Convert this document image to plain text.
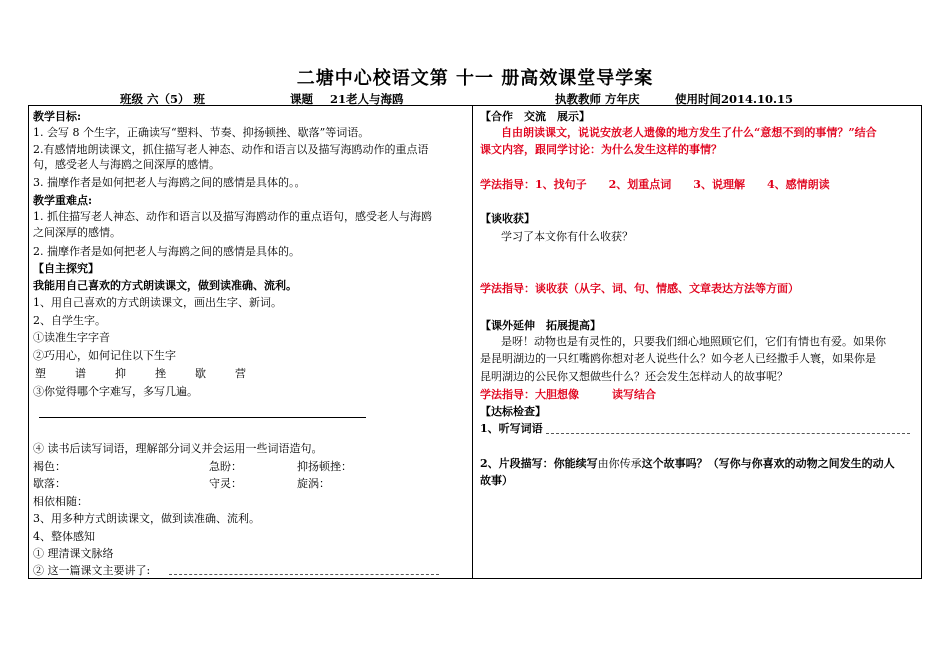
二塘中心校语文第 十一 册高效课堂导学案
班级 六（5） 班	课题 21老人与海鸥	执教教师 方年庆	使用时间2014.10.15
教学目标:
1. 会写 8 个生字，正确读写“塑料、节奏、抑扬顿挫、歇落”等词语。
2.有感情地朗读课文，抓住描写老人神态、动作和语言以及描写海鸥动作的重点语
句，感受老人与海鸥之间深厚的感情。
3. 揣摩作者是如何把老人与海鸥之间的感情是具体的。。
教学重难点:
1. 抓住描写老人神态、动作和语言以及描写海鸥动作的重点语句，感受老人与海鸥
之间深厚的感情。
2. 揣摩作者是如何把老人与海鸥之间的感情是具体的。
【自主探究】
我能用自己喜欢的方式朗读课文，做到读准确、流利。
1、用自己喜欢的方式朗读课文，画出生字、新词。
2、自学生字。
①读准生字字音
②巧用心，如何记住以下生字
塑	谱	抑	挫	歇	营
③你觉得哪个字难写，多写几遍。
④ 读书后读写词语，理解部分词义并会运用一些词语造句。
褐色：	急盼：	抑扬顿挫：
歇落：	守灵：	旋涡：
相依相随：
3、用多种方式朗读课文，做到读准确、流利。
4、整体感知
① 理清课文脉络
② 这一篇课文主要讲了:
【合作　交流　展示】
自由朗读课文，说说安放老人遗像的地方发生了什么“意想不到的事情？”结合
课文内容，跟同学讨论：为什么发生这样的事情？
学法指导：1、找句子　　2、划重点词　　3、说理解　　4、感情朗读
【谈收获】
学习了本文你有什么收获？
学法指导：谈收获（从字、词、句、情感、文章表达方法等方面）
【课外延伸　拓展提高】
是呀！动物也是有灵性的，只要我们细心地照顾它们，它们有情也有爱。如果你
是昆明湖边的一只红嘴鸥你想对老人说些什么？如今老人已经撒手人寰，如果你是
昆明湖边的公民你又想做些什么？还会发生怎样动人的故事呢？
学法指导：大胆想像　　　读写结合
【达标检查】
1、听写词语
2、片段描写：你能续写由你传承这个故事吗？（写你与你喜欢的动物之间发生的动人
故事）
